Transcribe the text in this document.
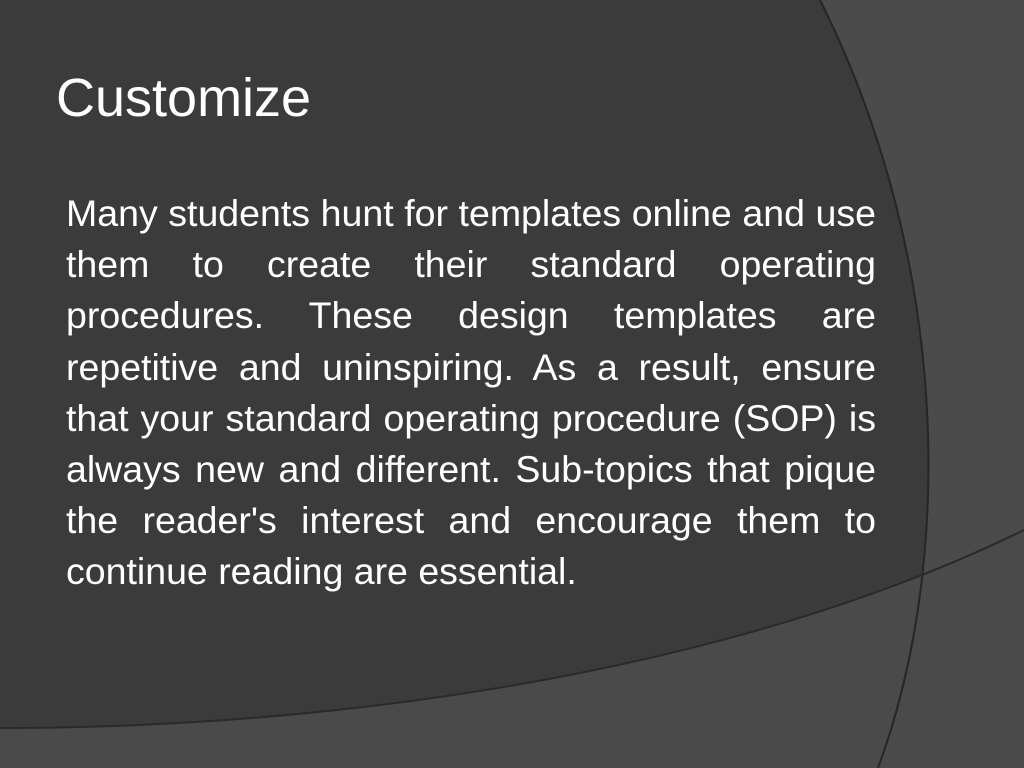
Customize

Many students hunt for templates online and use them to create their standard operating procedures. These design templates are repetitive and uninspiring. As a result, ensure that your standard operating procedure (SOP) is always new and different. Sub-topics that pique the reader's interest and encourage them to continue reading are essential.
